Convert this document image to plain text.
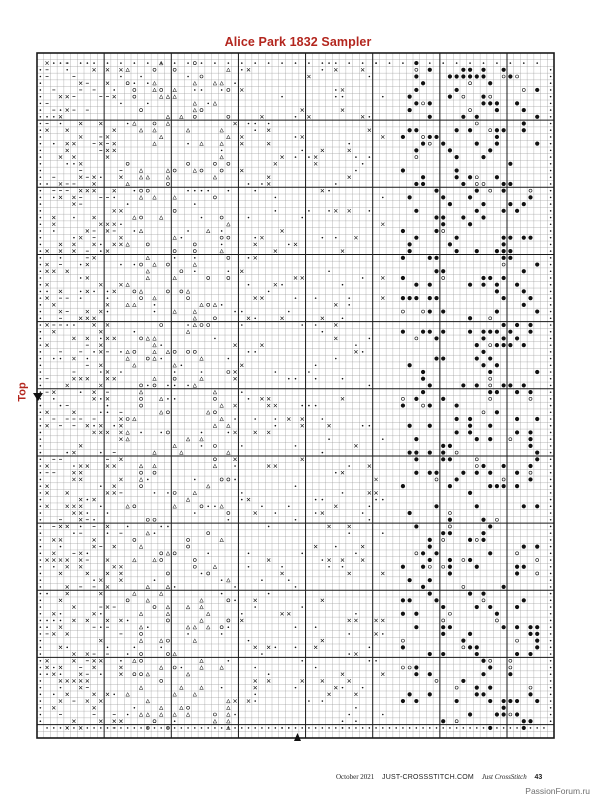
Alice Park 1832 Sampler
Top
October 2021 JUST-CROSSSTITCH.COM Just CrossStitch 43
PassionForum.ru
